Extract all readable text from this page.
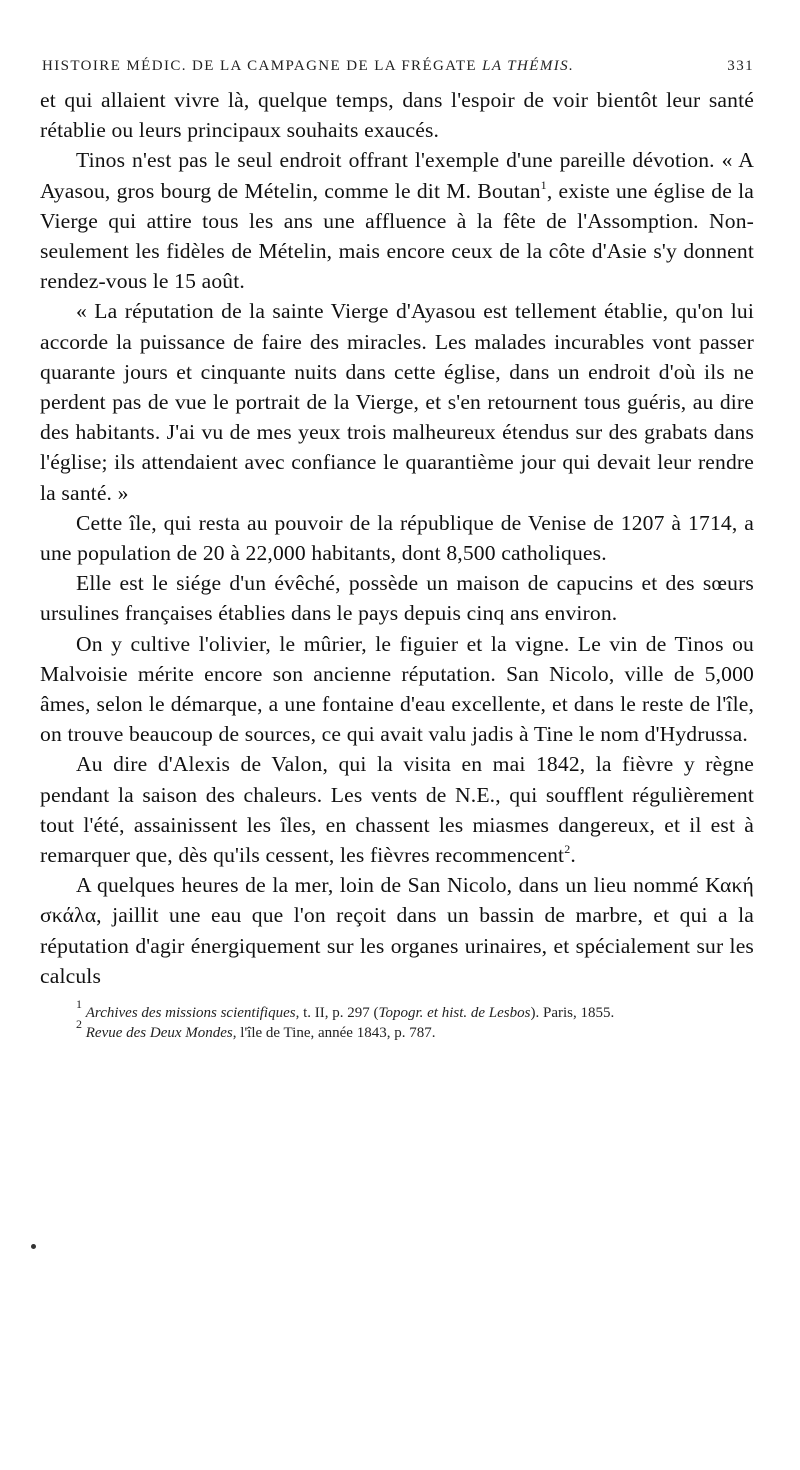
HISTOIRE MÉDIC. DE LA CAMPAGNE DE LA FRÉGATE LA THÉMIS.	331

et qui allaient vivre là, quelque temps, dans l'espoir de voir bientôt leur santé rétablie ou leurs principaux souhaits exaucés.

Tinos n'est pas le seul endroit offrant l'exemple d'une pareille dévotion. « A Ayasou, gros bourg de Mételin, comme le dit M. Boutan$^1$, existe une église de la Vierge qui attire tous les ans une affluence à la fête de l'Assomption. Non-seulement les fidèles de Mételin, mais encore ceux de la côte d'Asie s'y donnent rendez-vous le 15 août.

« La réputation de la sainte Vierge d'Ayasou est tellement établie, qu'on lui accorde la puissance de faire des miracles. Les malades incurables vont passer quarante jours et cinquante nuits dans cette église, dans un endroit d'où ils ne perdent pas de vue le portrait de la Vierge, et s'en retournent tous guéris, au dire des habitants. J'ai vu de mes yeux trois malheureux étendus sur des grabats dans l'église; ils attendaient avec confiance le quarantième jour qui devait leur rendre la santé. »

Cette île, qui resta au pouvoir de la république de Venise de 1207 à 1714, a une population de 20 à 22,000 habitants, dont 8,500 catholiques.

Elle est le siége d'un évêché, possède un maison de capucins et des sœurs ursulines françaises établies dans le pays depuis cinq ans environ.

On y cultive l'olivier, le mûrier, le figuier et la vigne. Le vin de Tinos ou Malvoisie mérite encore son ancienne réputation. San Nicolo, ville de 5,000 âmes, selon le démarque, a une fontaine d'eau excellente, et dans le reste de l'île, on trouve beaucoup de sources, ce qui avait valu jadis à Tine le nom d'Hydrussa.

Au dire d'Alexis de Valon, qui la visita en mai 1842, la fièvre y règne pendant la saison des chaleurs. Les vents de N.E., qui soufflent régulièrement tout l'été, assainissent les îles, en chassent les miasmes dangereux, et il est à remarquer que, dès qu'ils cessent, les fièvres recommencent$^2$.

A quelques heures de la mer, loin de San Nicolo, dans un lieu nommé Κακή σκάλα, jaillit une eau que l'on reçoit dans un bassin de marbre, et qui a la réputation d'agir énergiquement sur les organes urinaires, et spécialement sur les calculs

$^1$ Archives des missions scientifiques, t. II, p. 297 (Topogr. et hist. de Lesbos). Paris, 1855.

$^2$ Revue des Deux Mondes, l'île de Tine, année 1843, p. 787.
